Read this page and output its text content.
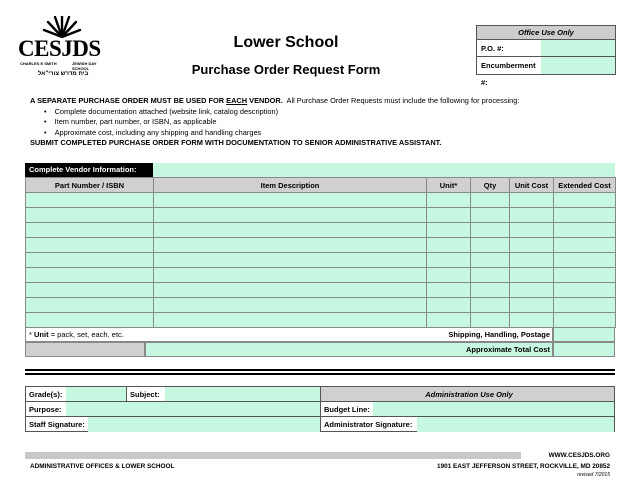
CESJDS
CHARLES E SMITH	JEWISH DAY SCHOOL
בית מדרש צורי"אל
Lower School
Purchase Order Request Form
Office Use Only
P.O. #:
Encumberment #:
A SEPARATE PURCHASE ORDER MUST BE USED FOR EACH VENDOR. All Purchase Order Requests must include the following for processing:
• Complete documentation attached (website link, catalog description)
• Item number, part number, or ISBN, as applicable
• Approximate cost, including any shipping and handling charges
SUBMIT COMPLETED PURCHASE ORDER FORM WITH DOCUMENTATION TO SENIOR ADMINISTRATIVE ASSISTANT.
Complete Vendor Information:
Part Number / ISBN	Item Description	Unit*	Qty	Unit Cost	Extended Cost

* Unit = pack, set, each, etc.	Shipping, Handling, Postage
Approximate Total Cost
Grade(s):	Subject:	Administration Use Only
Purpose:	Budget Line:
Staff Signature:	Administrator Signature:
ADMINISTRATIVE OFFICES & LOWER SCHOOL
WWW.CESJDS.ORG
1901 EAST JEFFERSON STREET, ROCKVILLE, MD 20852
revised 7/2015
